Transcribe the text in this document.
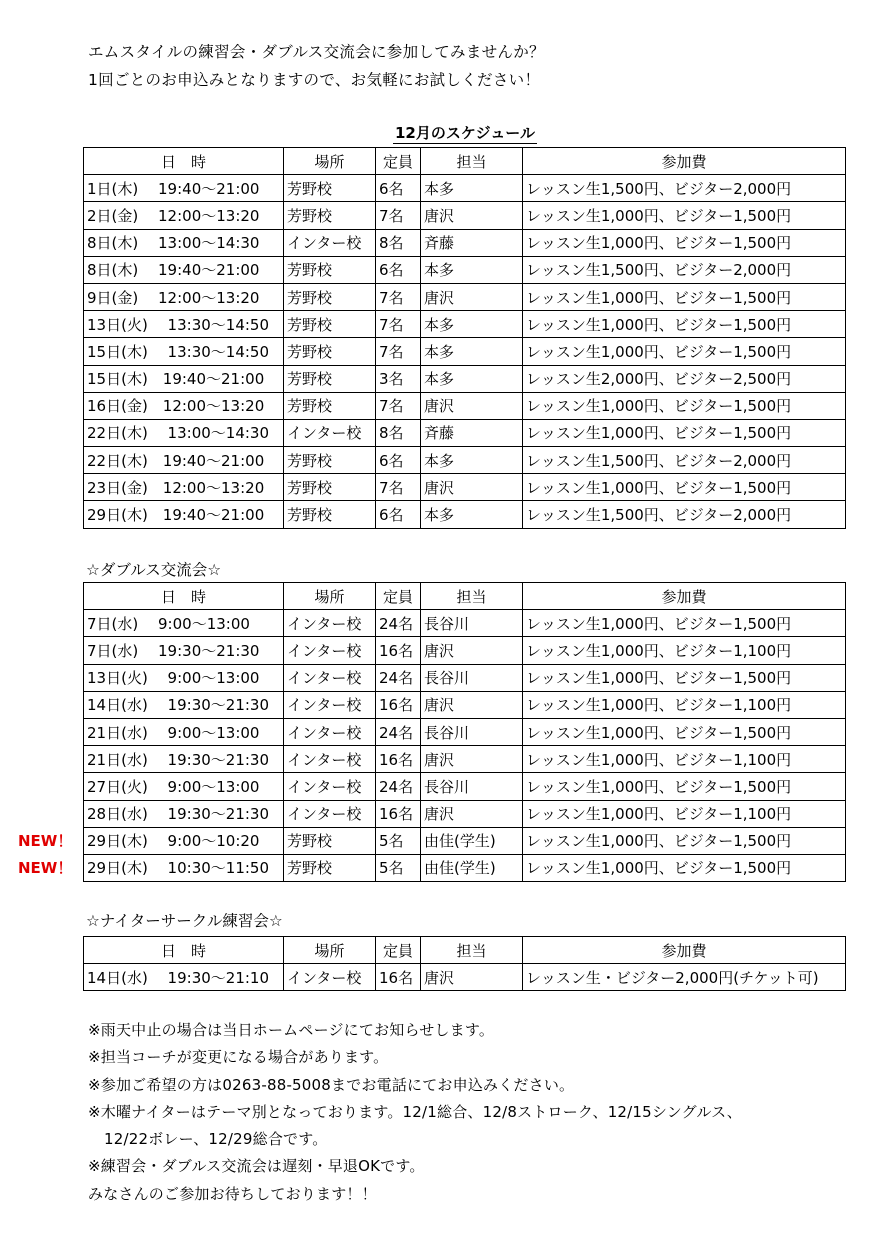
エムスタイルの練習会・ダブルス交流会に参加してみませんか？
1回ごとのお申込みとなりますので、お気軽にお試しください！
12月のスケジュール
日　時	場所	定員	担当	参加費
1日(木)　 19:40～21:00	芳野校	6名	本多	レッスン生1,500円、ビジター2,000円
2日(金)　 12:00～13:20	芳野校	7名	唐沢	レッスン生1,000円、ビジター1,500円
8日(木)　 13:00～14:30	インター校	8名	斉藤	レッスン生1,000円、ビジター1,500円
8日(木)　 19:40～21:00	芳野校	6名	本多	レッスン生1,500円、ビジター2,000円
9日(金)　 12:00～13:20	芳野校	7名	唐沢	レッスン生1,000円、ビジター1,500円
13日(火)　 13:30～14:50	芳野校	7名	本多	レッスン生1,000円、ビジター1,500円
15日(木)　 13:30～14:50	芳野校	7名	本多	レッスン生1,000円、ビジター1,500円
15日(木)　19:40～21:00	芳野校	3名	本多	レッスン生2,000円、ビジター2,500円
16日(金)　12:00～13:20	芳野校	7名	唐沢	レッスン生1,000円、ビジター1,500円
22日(木)　 13:00～14:30	インター校	8名	斉藤	レッスン生1,000円、ビジター1,500円
22日(木)　19:40～21:00	芳野校	6名	本多	レッスン生1,500円、ビジター2,000円
23日(金)　12:00～13:20	芳野校	7名	唐沢	レッスン生1,000円、ビジター1,500円
29日(木)　19:40～21:00	芳野校	6名	本多	レッスン生1,500円、ビジター2,000円
☆ダブルス交流会☆
日　時	場所	定員	担当	参加費
7日(水)　 9:00～13:00	インター校	24名	長谷川	レッスン生1,000円、ビジター1,500円
7日(水)　 19:30～21:30	インター校	16名	唐沢	レッスン生1,000円、ビジター1,100円
13日(火)　 9:00～13:00	インター校	24名	長谷川	レッスン生1,000円、ビジター1,500円
14日(水)　 19:30～21:30	インター校	16名	唐沢	レッスン生1,000円、ビジター1,100円
21日(水)　 9:00～13:00	インター校	24名	長谷川	レッスン生1,000円、ビジター1,500円
21日(水)　 19:30～21:30	インター校	16名	唐沢	レッスン生1,000円、ビジター1,100円
27日(火)　 9:00～13:00	インター校	24名	長谷川	レッスン生1,000円、ビジター1,500円
28日(水)　 19:30～21:30	インター校	16名	唐沢	レッスン生1,000円、ビジター1,100円
29日(木)　 9:00～10:20	芳野校	5名	由佳(学生)	レッスン生1,000円、ビジター1,500円
29日(木)　 10:30～11:50	芳野校	5名	由佳(学生)	レッスン生1,000円、ビジター1,500円
NEW！
NEW！
☆ナイターサークル練習会☆
日　時	場所	定員	担当	参加費
14日(水)　 19:30～21:10	インター校	16名	唐沢	レッスン生・ビジター2,000円(チケット可)
※雨天中止の場合は当日ホームページにてお知らせします。
※担当コーチが変更になる場合があります。
※参加ご希望の方は0263-88-5008までお電話にてお申込みください。
※木曜ナイターはテーマ別となっております。12/1総合、12/8ストローク、12/15シングルス、
12/22ボレー、12/29総合です。
※練習会・ダブルス交流会は遅刻・早退OKです。
みなさんのご参加お待ちしております！！
